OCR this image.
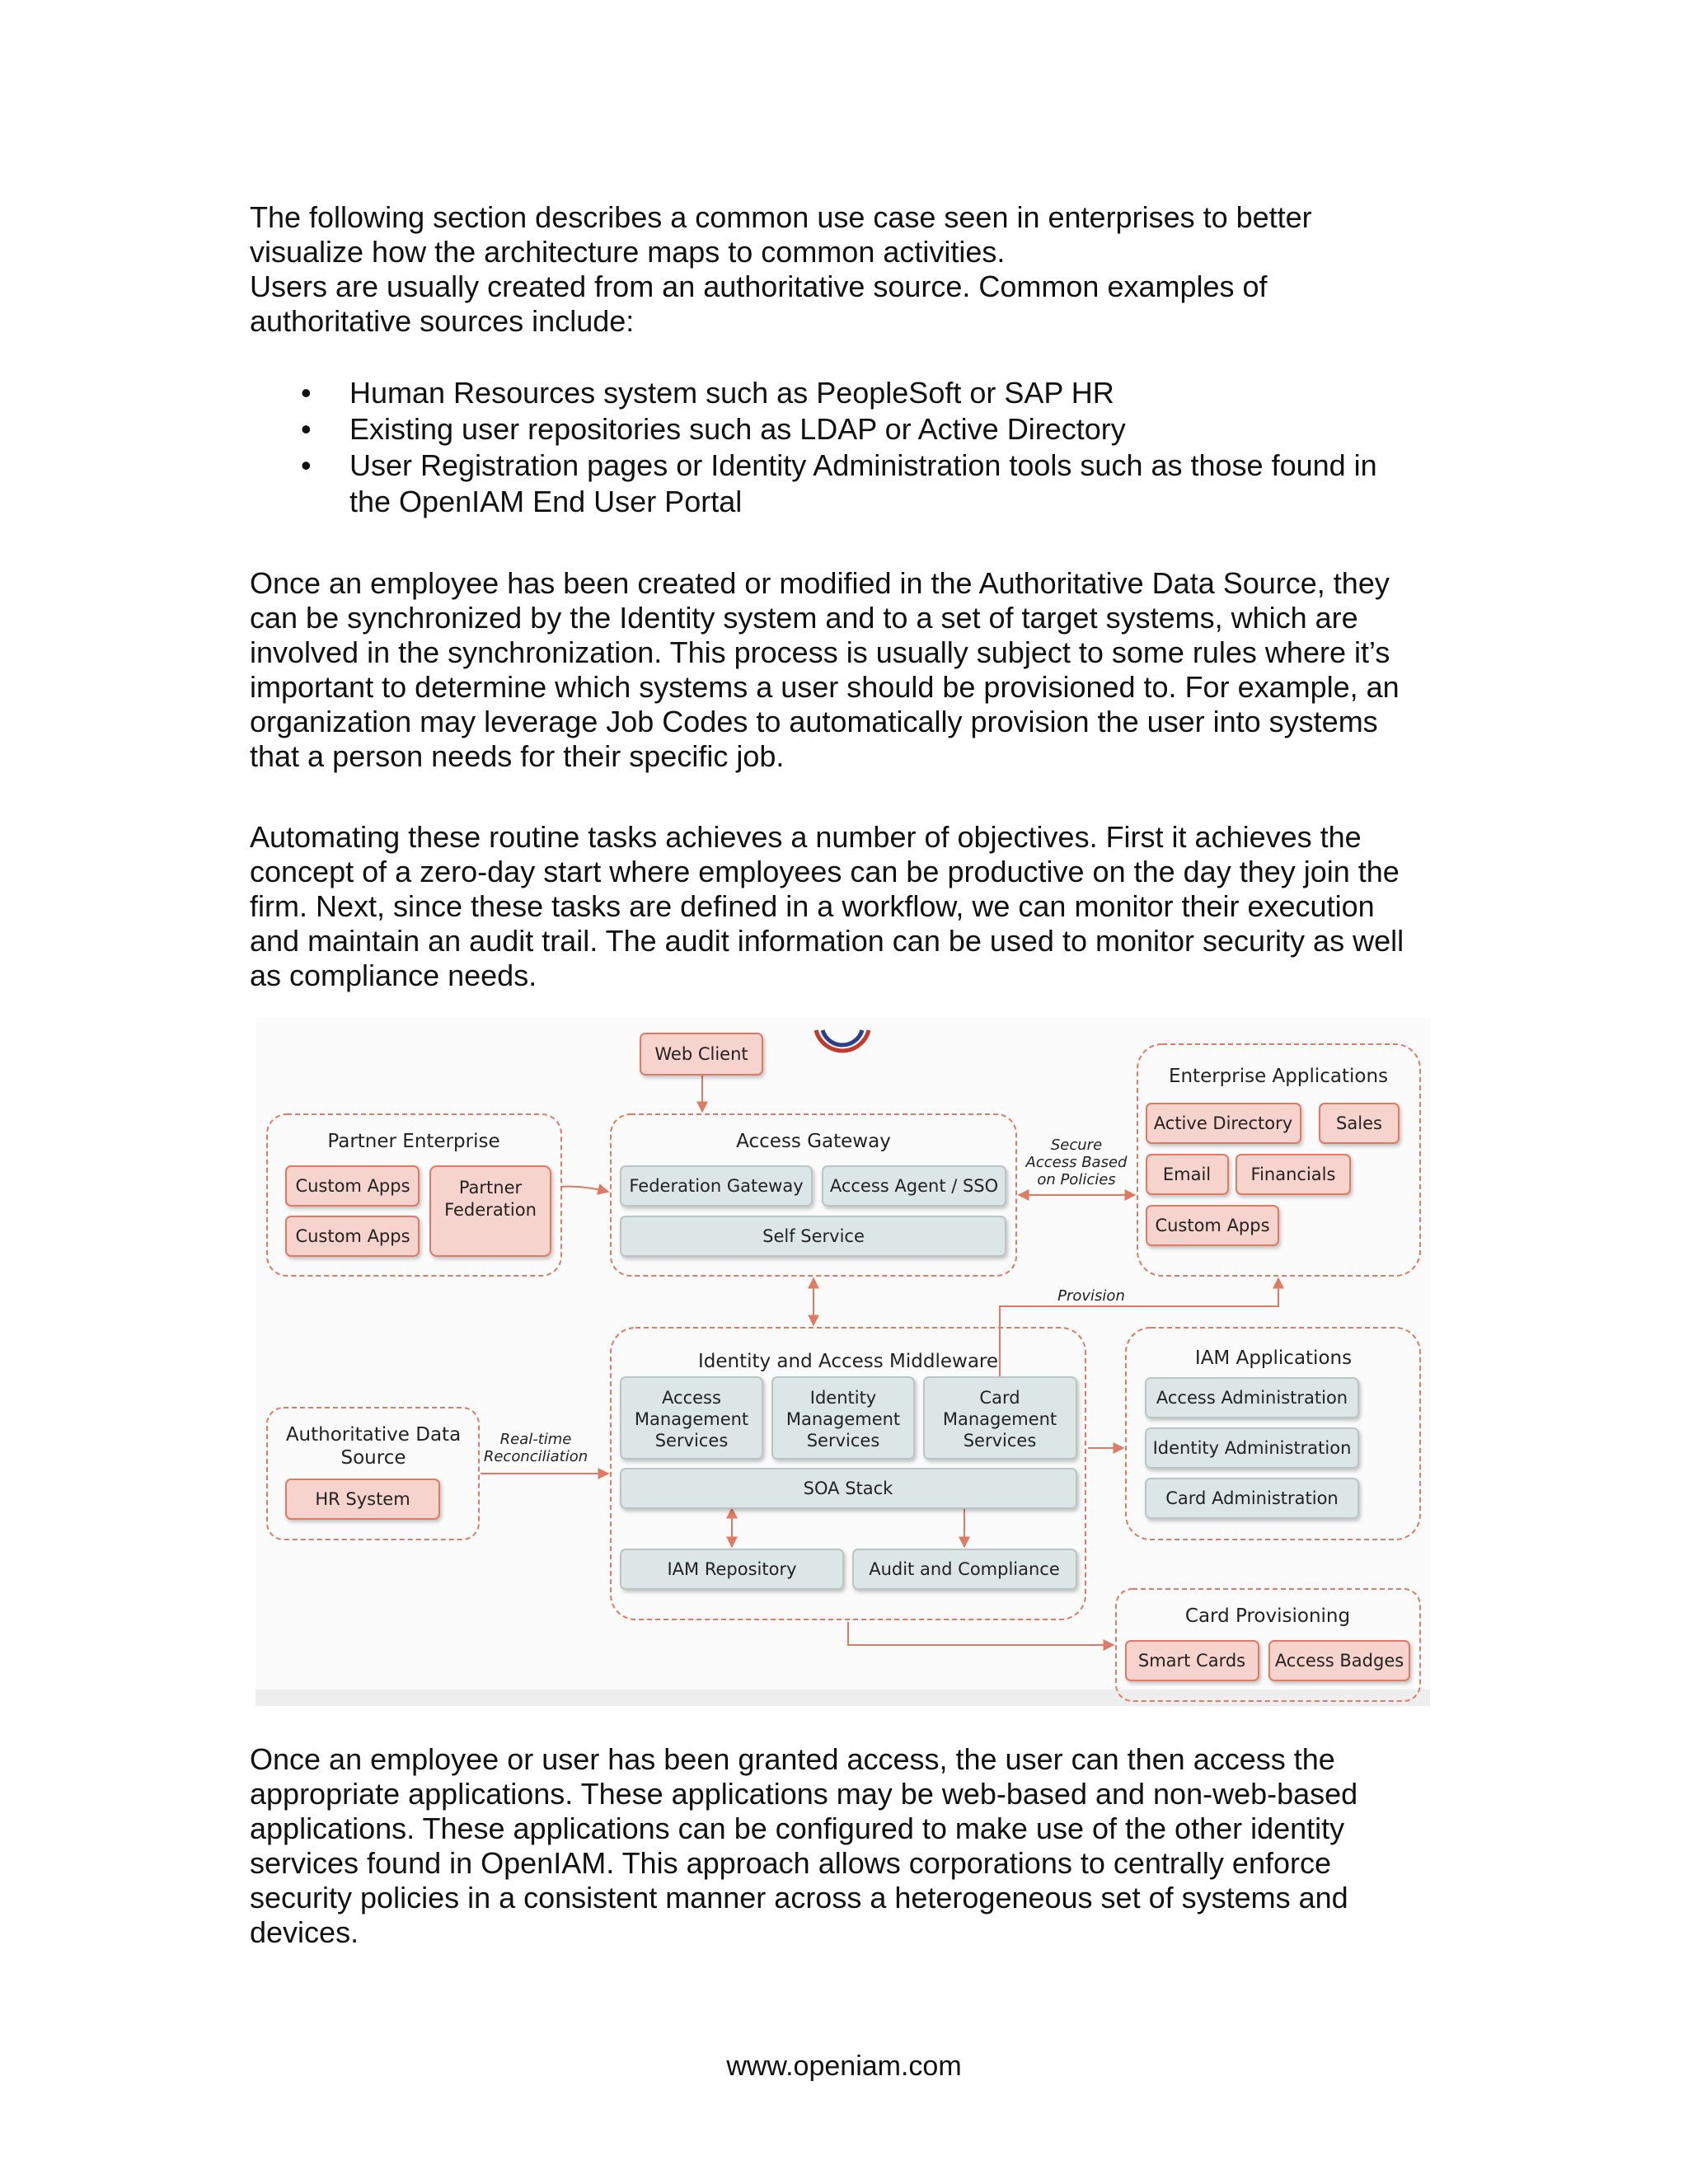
The following section describes a common use case seen in enterprises to better
visualize how the architecture maps to common activities.
Users are usually created from an authoritative source. Common examples of
authoritative sources include:
• Human Resources system such as PeopleSoft or SAP HR
• Existing user repositories such as LDAP or Active Directory
• User Registration pages or Identity Administration tools such as those found in
the OpenIAM End User Portal
Once an employee has been created or modified in the Authoritative Data Source, they
can be synchronized by the Identity system and to a set of target systems, which are
involved in the synchronization. This process is usually subject to some rules where it’s
important to determine which systems a user should be provisioned to. For example, an
organization may leverage Job Codes to automatically provision the user into systems
that a person needs for their specific job.
Automating these routine tasks achieves a number of objectives. First it achieves the
concept of a zero-day start where employees can be productive on the day they join the
firm. Next, since these tasks are defined in a workflow, we can monitor their execution
and maintain an audit trail. The audit information can be used to monitor security as well
as compliance needs.
Web Client
Partner Enterprise
Custom Apps
Custom Apps
Partner
Federation
Access Gateway
Federation Gateway Access Agent / SSO
Self Service
Secure
Access Based
on Policies
Enterprise Applications
Active Directory	Sales
Email Financials
Custom Apps
Provision
Authoritative Data
Source
HR System
Real-time
Reconciliation
Identity and Access Middleware
Access
Management
Services
Identity
Management
Services
Card
Management
Services
SOA Stack
IAM Repository	Audit and Compliance
IAM Applications
Access Administration
Identity Administration
Card Administration
Card Provisioning
Smart Cards Access Badges
Once an employee or user has been granted access, the user can then access the
appropriate applications. These applications may be web-based and non-web-based
applications. These applications can be configured to make use of the other identity
services found in OpenIAM. This approach allows corporations to centrally enforce
security policies in a consistent manner across a heterogeneous set of systems and
devices.
www.openiam.com
